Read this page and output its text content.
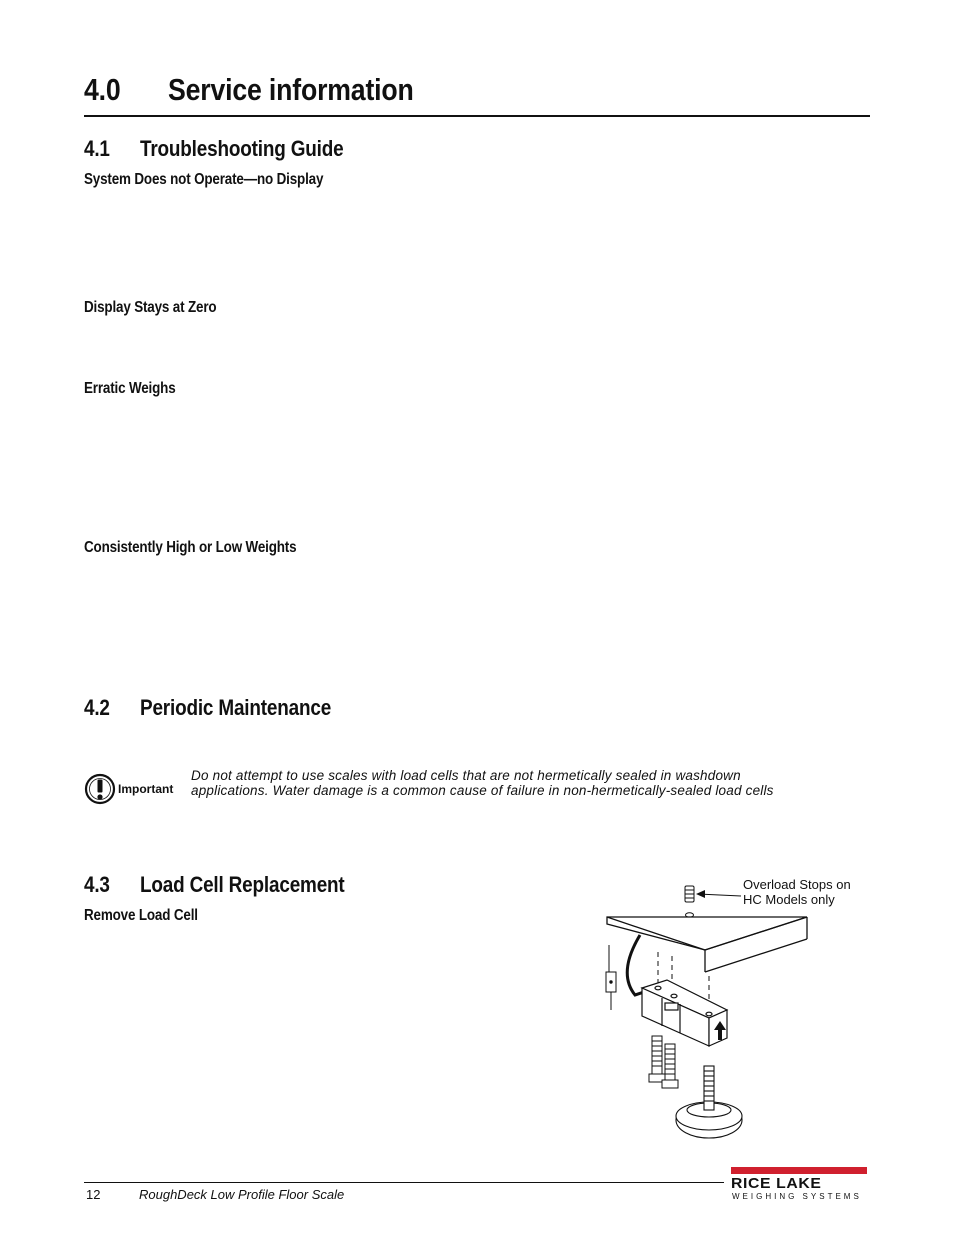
4.0 Service information
4.1 Troubleshooting Guide
System Does not Operate—no Display
Display Stays at Zero
Erratic Weighs
Consistently High or Low Weights
4.2 Periodic Maintenance
Important
Do not attempt to use scales with load cells that are not hermetically sealed in washdown
applications. Water damage is a common cause of failure in non-hermetically-sealed load cells
4.3 Load Cell Replacement
Remove Load Cell
Overload Stops on
HC Models only
12	RoughDeck Low Profile Floor Scale
RICE LAKE
WEIGHING SYSTEMS
